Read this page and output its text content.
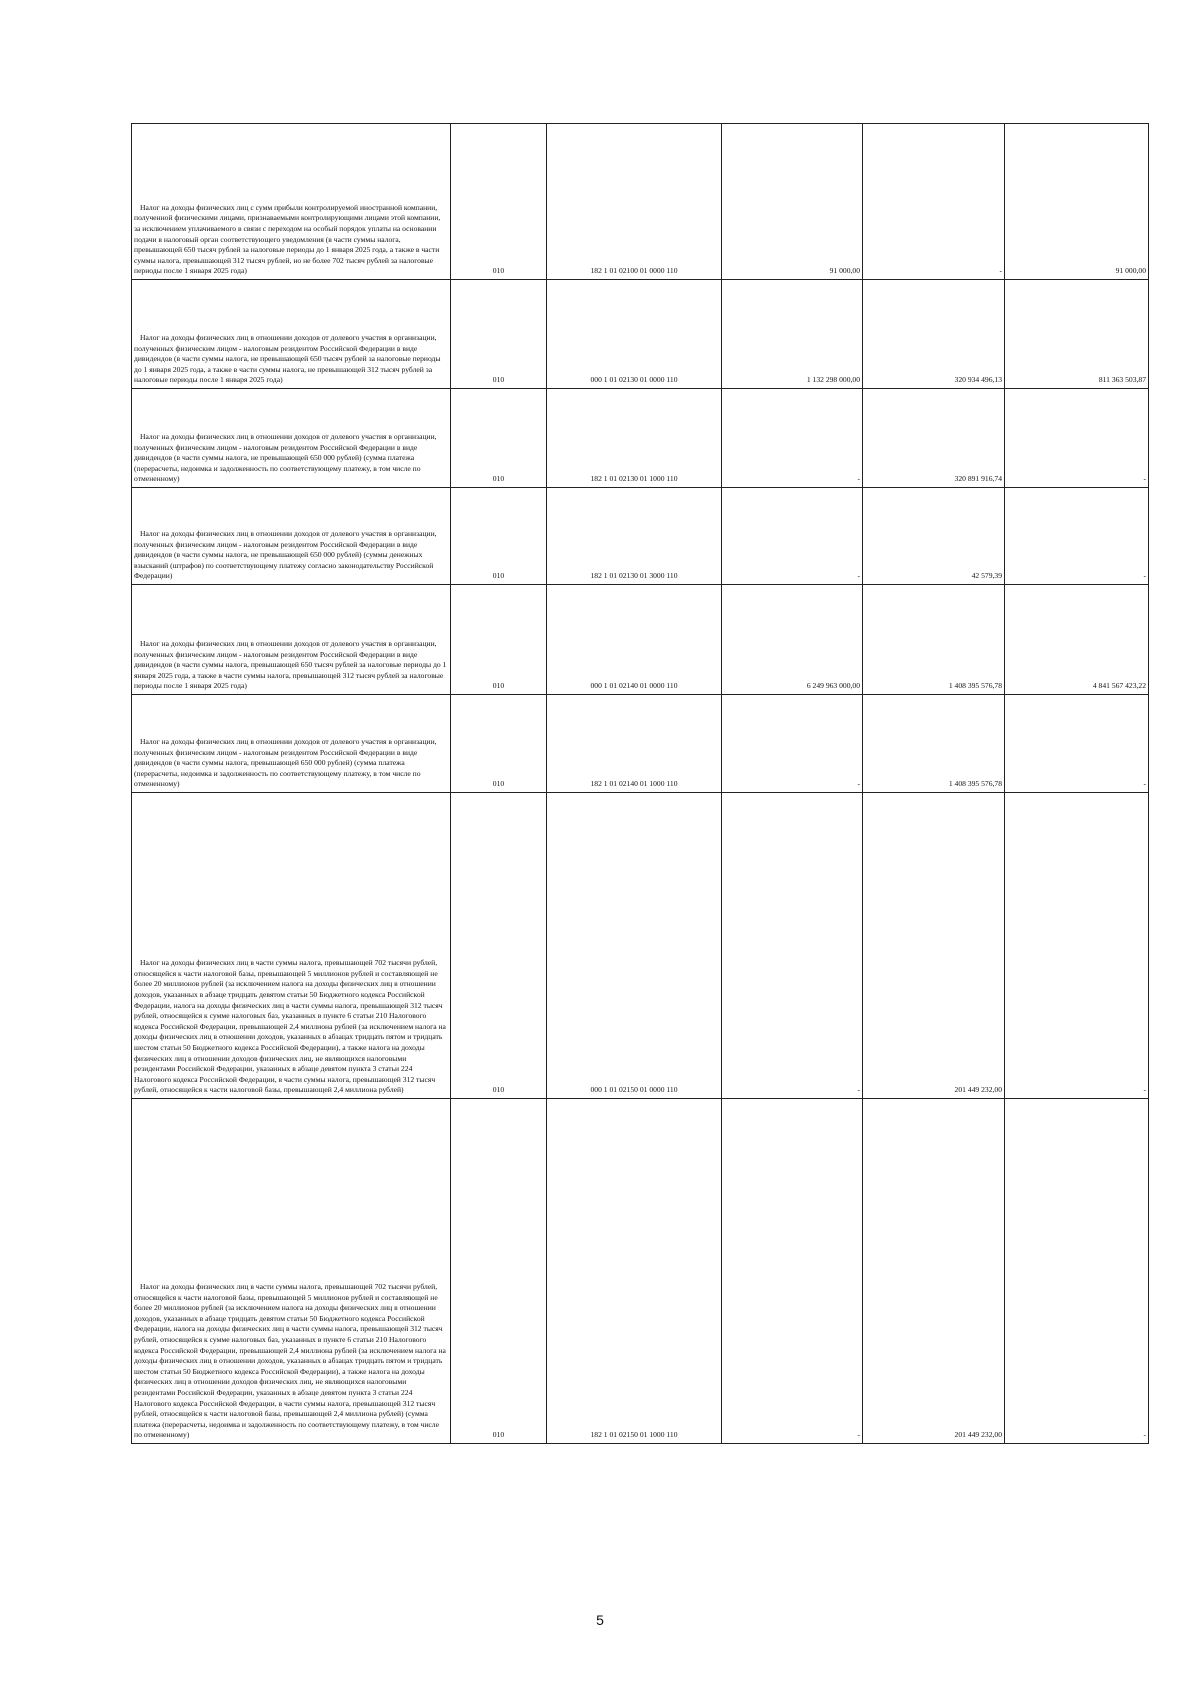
Налог на доходы физических лиц с сумм прибыли контролируемой иностранной компании, полученной физическими лицами, признаваемыми контролирующими лицами этой компании, за исключением уплачиваемого в связи с переходом на особый порядок уплаты на основании подачи в налоговый орган соответствующего уведомления (в части суммы налога, превышающей 650 тысяч рублей за налоговые периоды до 1 января 2025 года, а также в части суммы налога, превышающей 312 тысяч рублей, но не более 702 тысяч рублей за налоговые периоды после 1 января 2025 года)	010	182 1 01 02100 01 0000 110	91 000,00	-	91 000,00

Налог на доходы физических лиц в отношении доходов от долевого участия в организации, полученных физическим лицом - налоговым резидентом Российской Федерации в виде дивидендов (в части суммы налога, не превышающей 650 тысяч рублей за налоговые периоды до 1 января 2025 года, а также в части суммы налога, не превышающей 312 тысяч рублей за налоговые периоды после 1 января 2025 года)	010	000 1 01 02130 01 0000 110	1 132 298 000,00	320 934 496,13	811 363 503,87

Налог на доходы физических лиц в отношении доходов от долевого участия в организации, полученных физическим лицом - налоговым резидентом Российской Федерации в виде дивидендов (в части суммы налога, не превышающей 650 000 рублей) (сумма платежа (перерасчеты, недоимка и задолженность по соответствующему платежу, в том числе по отмененному)	010	182 1 01 02130 01 1000 110	-	320 891 916,74	-

Налог на доходы физических лиц в отношении доходов от долевого участия в организации, полученных физическим лицом - налоговым резидентом Российской Федерации в виде дивидендов (в части суммы налога, не превышающей 650 000 рублей) (суммы денежных взысканий (штрафов) по соответствующему платежу согласно законодательству Российской Федерации)	010	182 1 01 02130 01 3000 110	-	42 579,39	-

Налог на доходы физических лиц в отношении доходов от долевого участия в организации, полученных физическим лицом - налоговым резидентом Российской Федерации в виде дивидендов (в части суммы налога, превышающей 650 тысяч рублей за налоговые периоды до 1 января 2025 года, а также в части суммы налога, превышающей 312 тысяч рублей за налоговые периоды после 1 января 2025 года)	010	000 1 01 02140 01 0000 110	6 249 963 000,00	1 408 395 576,78	4 841 567 423,22

Налог на доходы физических лиц в отношении доходов от долевого участия в организации, полученных физическим лицом - налоговым резидентом Российской Федерации в виде дивидендов (в части суммы налога, превышающей 650 000 рублей) (сумма платежа (перерасчеты, недоимка и задолженность по соответствующему платежу, в том числе по отмененному)	010	182 1 01 02140 01 1000 110	-	1 408 395 576,78	-

Налог на доходы физических лиц в части суммы налога, превышающей 702 тысячи рублей, относящейся к части налоговой базы, превышающей 5 миллионов рублей и составляющей не более 20 миллионов рублей (за исключением налога на доходы физических лиц в отношении доходов, указанных в абзаце тридцать девятом статьи 50 Бюджетного кодекса Российской Федерации, налога на доходы физических лиц в части суммы налога, превышающей 312 тысяч рублей, относящейся к сумме налоговых баз, указанных в пункте 6 статьи 210 Налогового кодекса Российской Федерации, превышающей 2,4 миллиона рублей (за исключением налога на доходы физических лиц в отношении доходов, указанных в абзацах тридцать пятом и тридцать шестом статьи 50 Бюджетного кодекса Российской Федерации), а также налога на доходы физических лиц в отношении доходов физических лиц, не являющихся налоговыми резидентами Российской Федерации, указанных в абзаце девятом пункта 3 статьи 224 Налогового кодекса Российской Федерации, в части суммы налога, превышающей 312 тысяч рублей, относящейся к части налоговой базы, превышающей 2,4 миллиона рублей)	010	000 1 01 02150 01 0000 110	-	201 449 232,00	-

Налог на доходы физических лиц в части суммы налога, превышающей 702 тысячи рублей, относящейся к части налоговой базы, превышающей 5 миллионов рублей и составляющей не более 20 миллионов рублей (за исключением налога на доходы физических лиц в отношении доходов, указанных в абзаце тридцать девятом статьи 50 Бюджетного кодекса Российской Федерации, налога на доходы физических лиц в части суммы налога, превышающей 312 тысяч рублей, относящейся к сумме налоговых баз, указанных в пункте 6 статьи 210 Налогового кодекса Российской Федерации, превышающей 2,4 миллиона рублей (за исключением налога на доходы физических лиц в отношении доходов, указанных в абзацах тридцать пятом и тридцать шестом статьи 50 Бюджетного кодекса Российской Федерации), а также налога на доходы физических лиц в отношении доходов физических лиц, не являющихся налоговыми резидентами Российской Федерации, указанных в абзаце девятом пункта 3 статьи 224 Налогового кодекса Российской Федерации, в части суммы налога, превышающей 312 тысяч рублей, относящейся к части налоговой базы, превышающей 2,4 миллиона рублей) (сумма платежа (перерасчеты, недоимка и задолженность по соответствующему платежу, в том числе по отмененному)	010	182 1 01 02150 01 1000 110	-	201 449 232,00	-
5
